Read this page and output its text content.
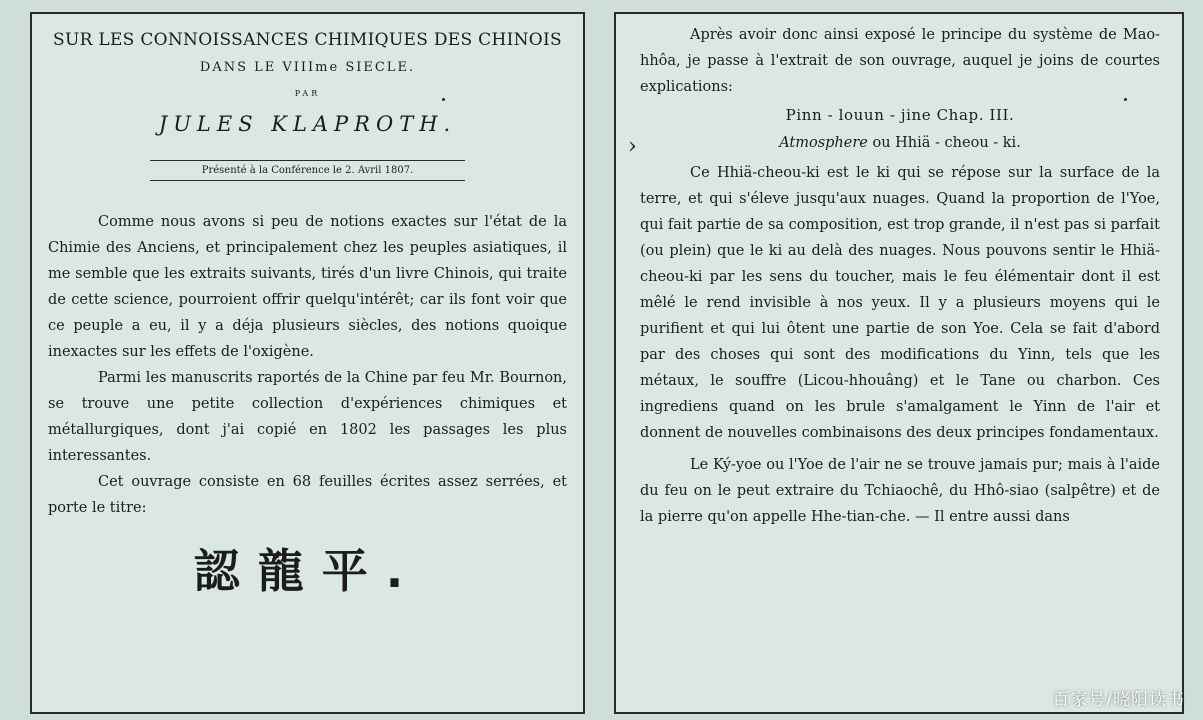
SUR LES CONNOISSANCES CHIMIQUES DES CHINOIS
DANS LE VIIIme SIECLE.
PAR
JULES KLAPROTH.
Présenté à la Conférence le 2. Avril 1807.

Comme nous avons si peu de notions exactes sur l'état de la Chimie des Anciens, et principalement chez les peuples asiatiques, il me semble que les extraits suivants, tirés d'un livre Chinois, qui traite de cette science, pourroient offrir quelqu'intérêt; car ils font voir que ce peuple a eu, il y a déja plusieurs siècles, des notions quoique inexactes sur les effets de l'oxigène.

Parmi les manuscrits raportés de la Chine par feu Mr. Bournon, se trouve une petite collection d'expériences chimiques et métallurgiques, dont j'ai copié en 1802 les passages les plus interessantes.

Cet ouvrage consiste en 68 feuilles écrites assez serrées, et porte le titre:

認龍平.
›

Après avoir donc ainsi exposé le principe du système de Mao-hhôa, je passe à l'extrait de son ouvrage, auquel je joins de courtes explications:

Pinn - louun - jine Chap. III.
Atmosphere ou Hhiä - cheou - ki.

Ce Hhiä-cheou-ki est le ki qui se répose sur la surface de la terre, et qui s'éleve jusqu'aux nuages. Quand la proportion de l'Yoe, qui fait partie de sa composition, est trop grande, il n'est pas si parfait (ou plein) que le ki au delà des nuages. Nous pouvons sentir le Hhiä-cheou-ki par les sens du toucher, mais le feu élémentair dont il est mêlé le rend invisible à nos yeux. Il y a plusieurs moyens qui le purifient et qui lui ôtent une partie de son Yoe. Cela se fait d'abord par des choses qui sont des modifications du Yinn, tels que les métaux, le souffre (Licou-hhouâng) et le Tane ou charbon. Ces ingrediens quand on les brule s'amalgament le Yinn de l'air et donnent de nouvelles combinaisons des deux principes fondamentaux.

Le Ký-yoe ou l'Yoe de l'air ne se trouve jamais pur; mais à l'aide du feu on le peut extraire du Tchiaochê, du Hhô-siao (salpêtre) et de la pierre qu'on appelle Hhe-tian-che. — Il entre aussi dans

百家号/晓阳读书
